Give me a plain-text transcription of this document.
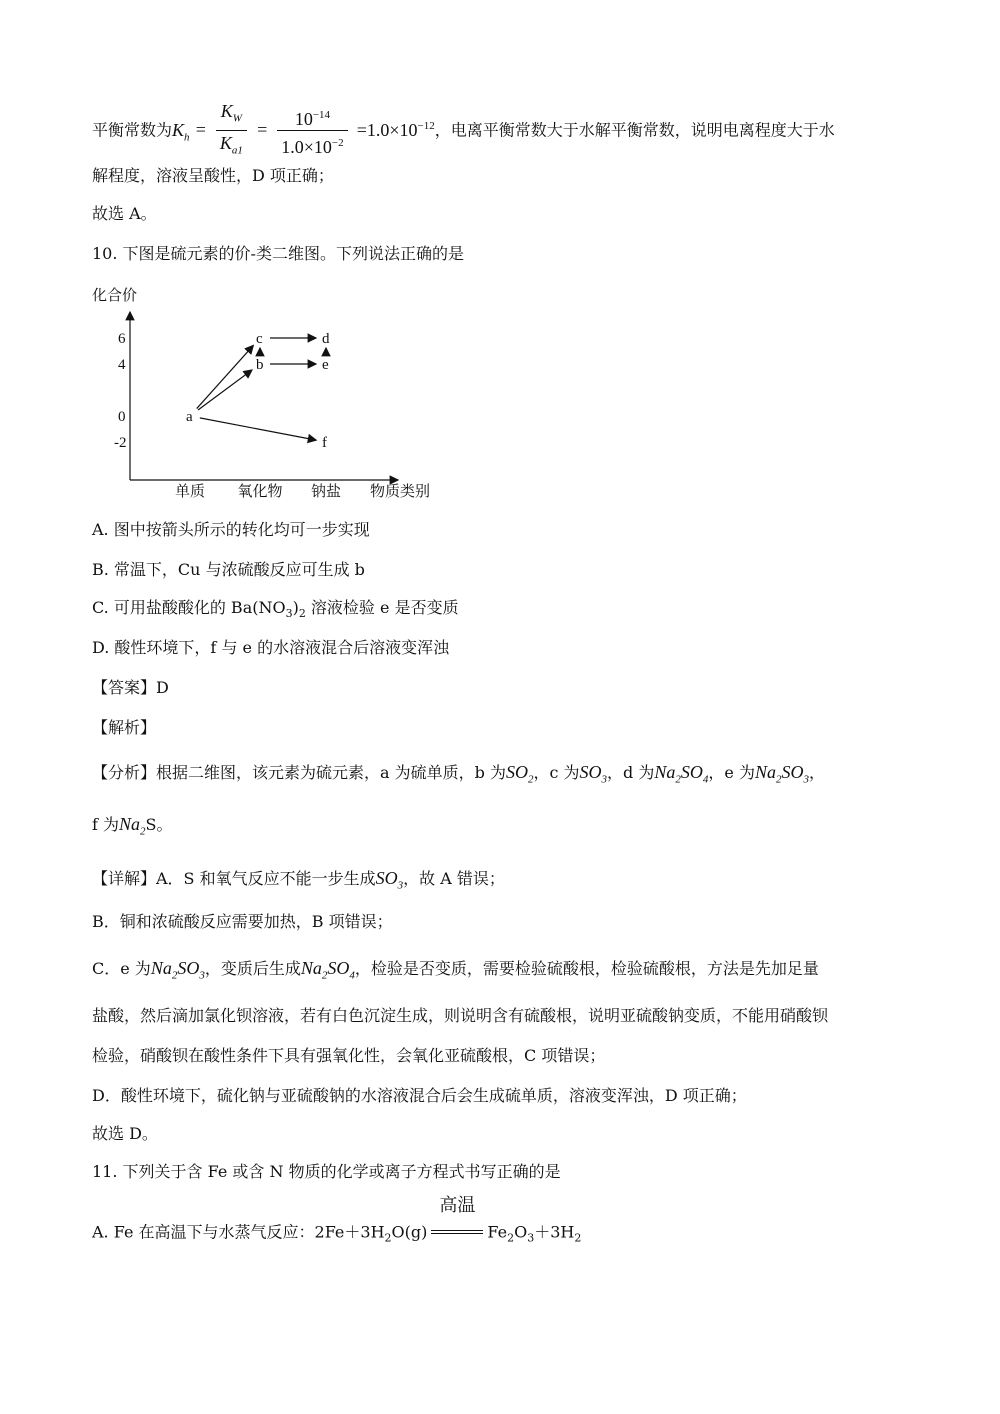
平衡常数为$K_h = \frac{K_W}{K_{a1}} = \frac{10^{-14}}{1.0\times 10^{-2}} =1.0\times 10^{-12}$，电离平衡常数大于水解平衡常数，说明电离程度大于水
解程度，溶液呈酸性，D 项正确；
故选 A。
10. 下图是硫元素的价-类二维图。下列说法正确的是
化合价
物质类别
6
4
0
-2
单质 氧化物 钠盐
a
b
c	d
e
f
A. 图中按箭头所示的转化均可一步实现
B. 常温下，Cu 与浓硫酸反应可生成 b
C. 可用盐酸酸化的 $Ba(NO_3)_2$ 溶液检验 e 是否变质
D. 酸性环境下，f 与 e 的水溶液混合后溶液变浑浊
【答案】D
【解析】
【分析】根据二维图，该元素为硫元素，a 为硫单质，b 为$SO_2$，c 为$SO_3$，d 为$Na_2SO_4$，e 为$Na_2SO_3$，
f 为$Na_2S$。
【详解】A．S 和氧气反应不能一步生成$SO_3$，故 A 错误；
B．铜和浓硫酸反应需要加热，B 项错误；
C．e 为$Na_2SO_3$，变质后生成$Na_2SO_4$，检验是否变质，需要检验硫酸根，检验硫酸根，方法是先加足量
盐酸，然后滴加氯化钡溶液，若有白色沉淀生成，则说明含有硫酸根，说明亚硫酸钠变质，不能用硝酸钡
检验，硝酸钡在酸性条件下具有强氧化性，会氧化亚硫酸根，C 项错误；
D．酸性环境下，硫化钠与亚硫酸钠的水溶液混合后会生成硫单质，溶液变浑浊，D 项正确；
故选 D。
11. 下列关于含 Fe 或含 N 物质的化学或离子方程式书写正确的是
A. Fe 在高温下与水蒸气反应：$2Fe+3H_2O(g)$
高温
$Fe_2O_3+3H_2$
